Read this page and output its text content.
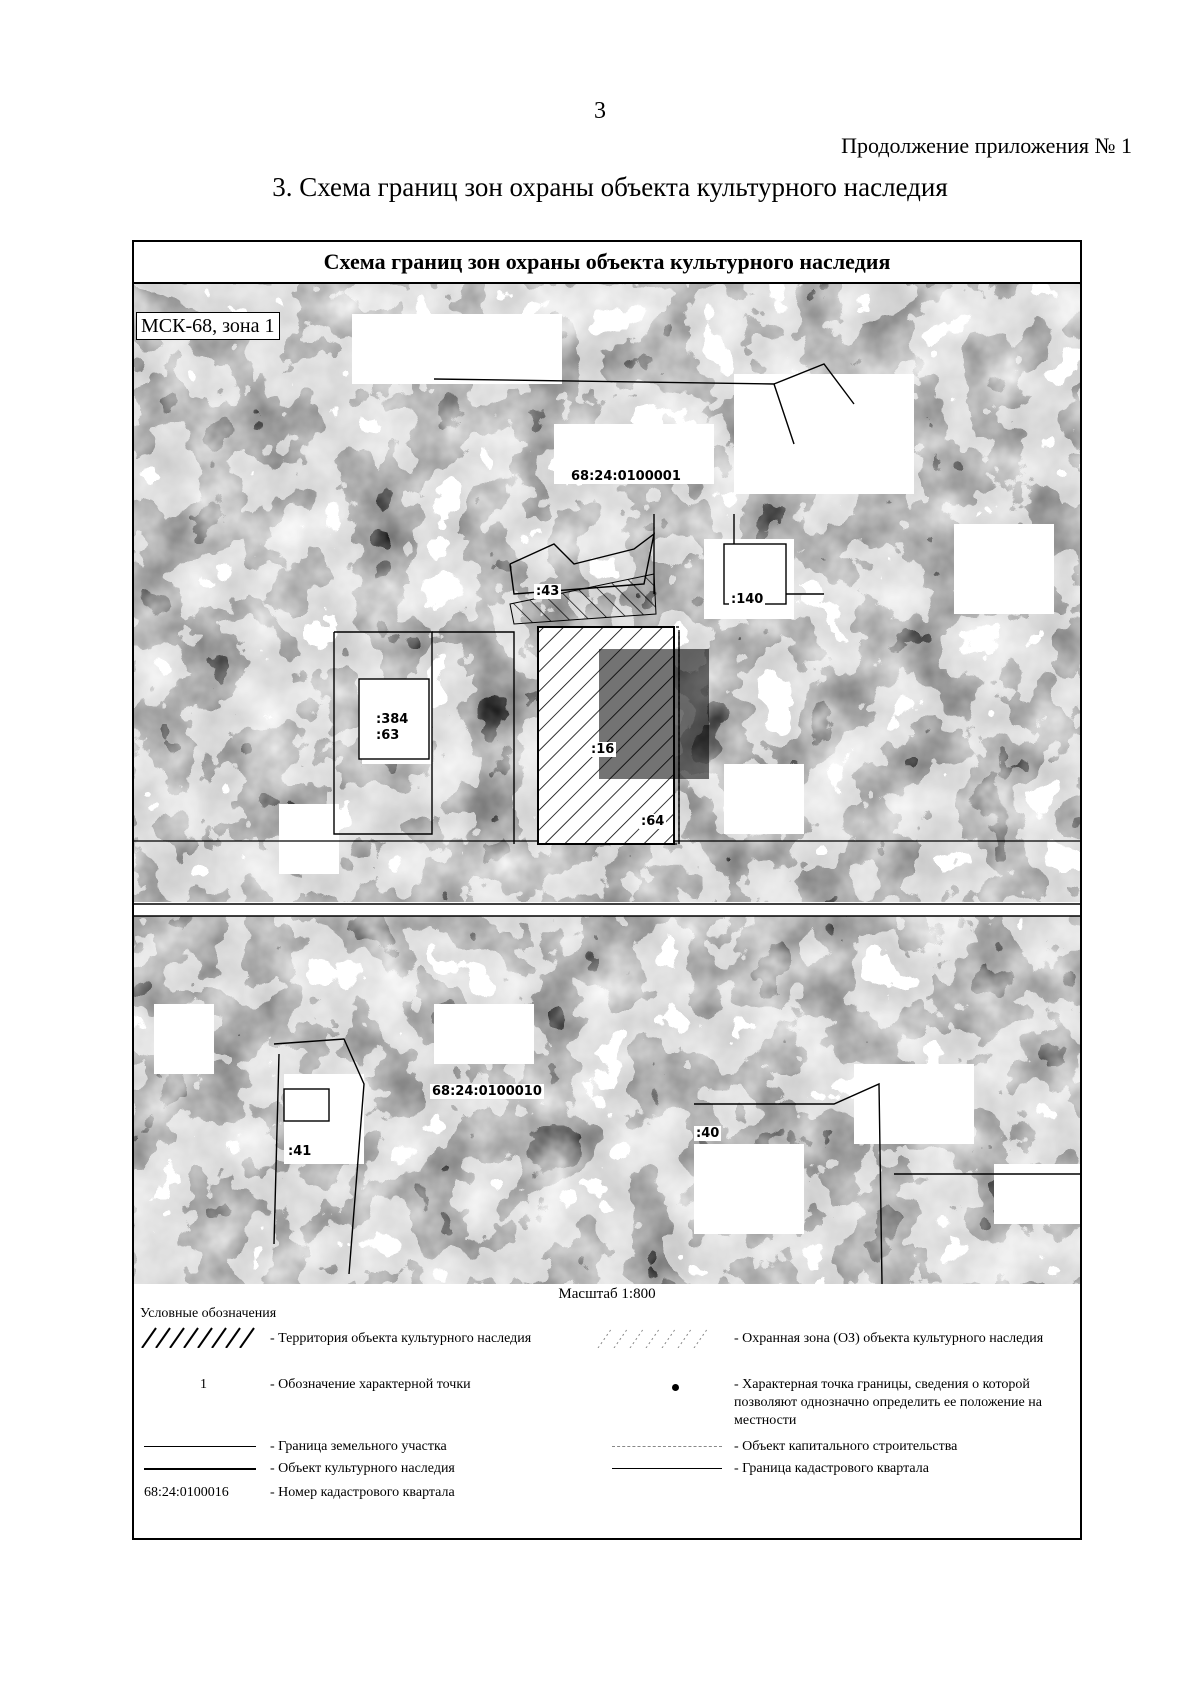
3
Продолжение приложения № 1
3. Схема границ зон охраны объекта культурного наследия
Схема границ зон охраны объекта культурного наследия
МСК-68, зона 1
68:24:0100001
:140
:384
:63
:16
:64
:43
68:24:0100010
:41
:40
Масштаб 1:800
Условные обозначения
- Территория объекта культурного наследия	- Охранная зона (ОЗ) объекта культурного наследия
1	- Обозначение характерной точки	- Характерная точка границы, сведения о которой позволяют однозначно определить ее положение на местности
- Граница земельного участка	- Объект капитального строительства
- Объект культурного наследия	- Граница кадастрового квартала
68:24:0100016	- Номер кадастрового квартала
